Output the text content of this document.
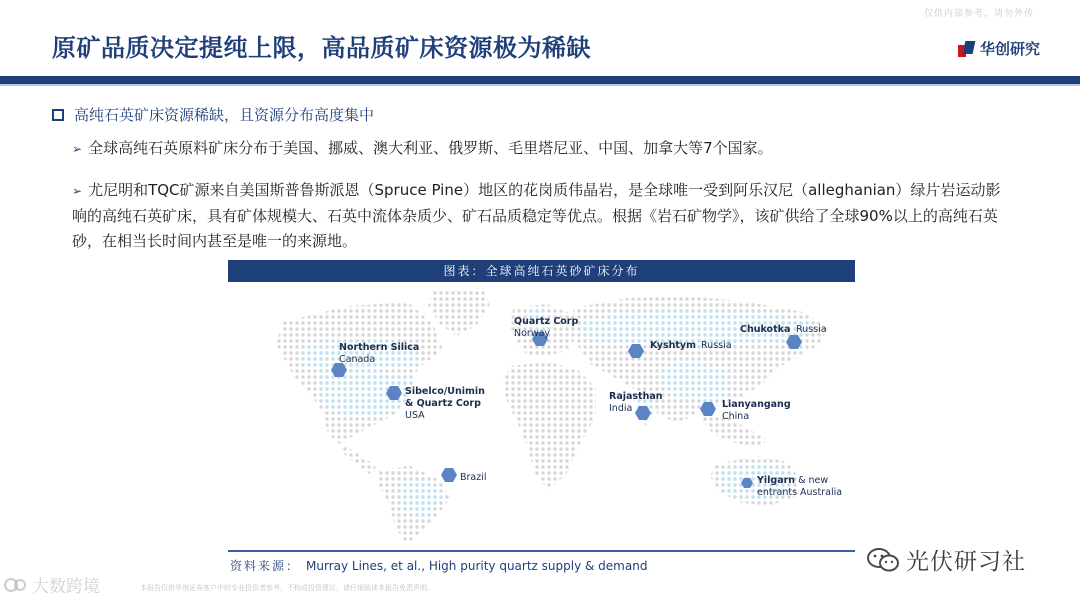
仅供内部参考，请勿外传
原矿品质决定提纯上限，高品质矿床资源极为稀缺	华创研究
高纯石英矿床资源稀缺，且资源分布高度集中
➢ 全球高纯石英原料矿床分布于美国、挪威、澳大利亚、俄罗斯、毛里塔尼亚、中国、加拿大等7个国家。
➢ 尤尼明和TQC矿源来自美国斯普鲁斯派恩（Spruce Pine）地区的花岗质伟晶岩，是全球唯一受到阿乐汉尼（alleghanian）绿片岩运动影响的高纯石英矿床，具有矿体规模大、石英中流体杂质少、矿石品质稳定等优点。根据《岩石矿物学》，该矿供给了全球90%以上的高纯石英砂，在相当长时间内甚至是唯一的来源地。
图表：全球高纯石英砂矿床分布
Northern Silica
Canada
Sibelco/Unimin
& Quartz Corp
USA
Brazil
Quartz Corp
Norway
Kyshtym Russia
Chukotka Russia
Rajasthan
India	Lianyangang
China
Yilgarn & new
entrants Australia
资料来源： Murray Lines, et al., High purity quartz supply & demand
大数跨境	本报告仅供华创证券客户中的专业投资者参考，不构成投资建议，请仔细阅读本报告免责声明。
光伏研习社
